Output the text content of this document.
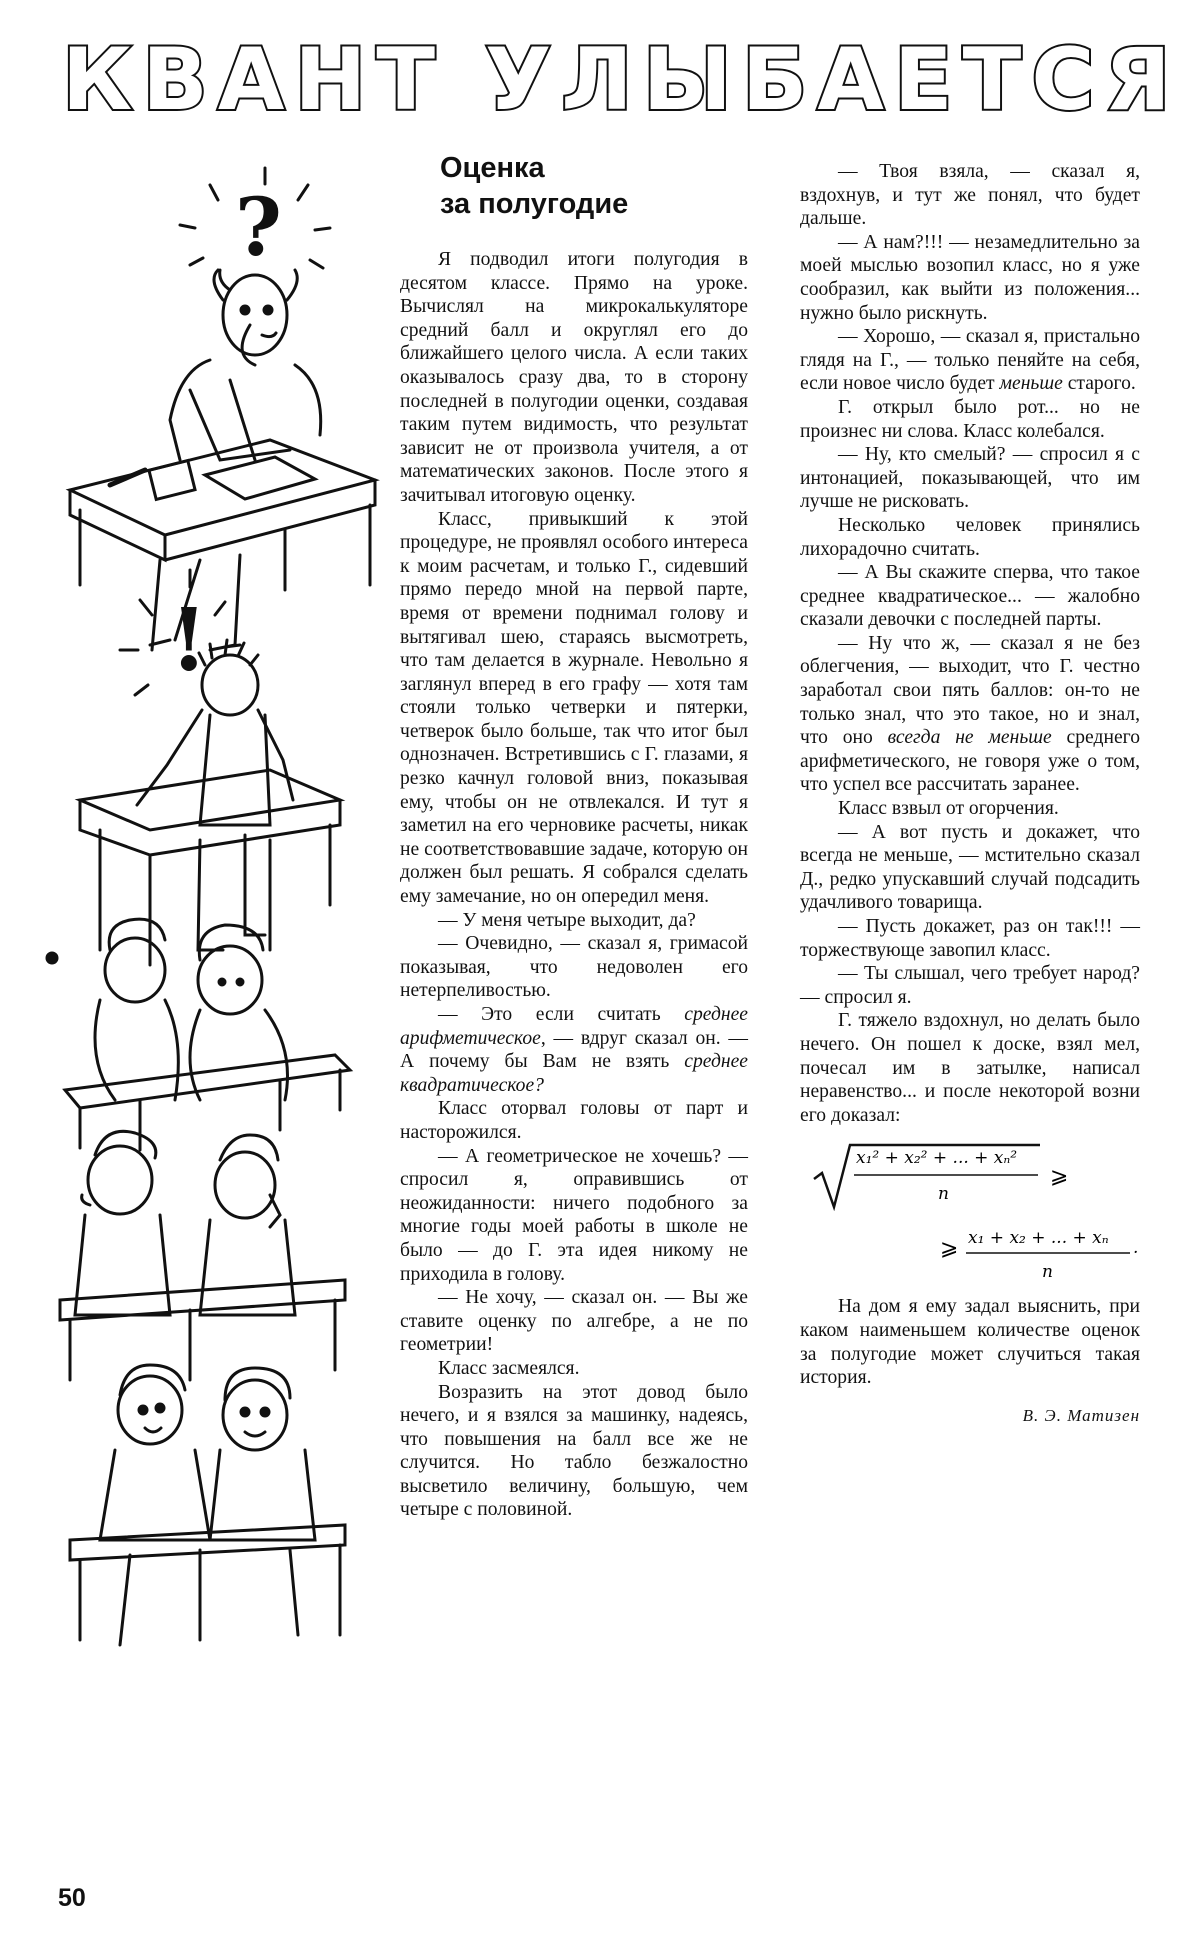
КВАНТ УЛЫБАЕТСЯ
?
!
Оценка
за полугодие

Я подводил итоги полугодия в десятом классе. Прямо на уроке. Вычислял на микрокалькуляторе средний балл и округлял его до ближайшего целого числа. А если таких оказывалось сразу два, то в сторону последней в полугодии оценки, создавая таким путем видимость, что результат зависит не от произвола учителя, а от математических законов. После этого я зачитывал итоговую оценку.

Класс, привыкший к этой процедуре, не проявлял особого интереса к моим расчетам, и только Г., сидевший прямо передо мной на первой парте, время от времени поднимал голову и вытягивал шею, стараясь высмотреть, что там делается в журнале. Невольно я заглянул вперед в его графу — хотя там стояли только четверки и пятерки, четверок было больше, так что итог был однозначен. Встретившись с Г. глазами, я резко качнул головой вниз, показывая ему, чтобы он не отвлекался. И тут я заметил на его черновике расчеты, никак не соответствовавшие задаче, которую он должен был решать. Я собрался сделать ему замечание, но он опередил меня.

— У меня четыре выходит, да?

— Очевидно, — сказал я, гримасой показывая, что недоволен его нетерпеливостью.

— Это если считать среднее арифметическое, — вдруг сказал он. — А почему бы Вам не взять среднее квадратическое?

Класс оторвал головы от парт и насторожился.

— А геометрическое не хочешь? — спросил я, оправившись от неожиданности: ничего подобного за многие годы моей работы в школе не было — до Г. эта идея никому не приходила в голову.

— Не хочу, — сказал он. — Вы же ставите оценку по алгебре, а не по геометрии!

Класс засмеялся.

Возразить на этот довод было нечего, и я взялся за машинку, надеясь, что повышения на балл все же не случится. Но табло безжалостно высветило величину, большую, чем четыре с половиной.

— Твоя взяла, — сказал я, вздохнув, и тут же понял, что будет дальше.

— А нам?!!! — незамедлительно за моей мыслью возопил класс, но я уже сообразил, как выйти из положения... нужно было рискнуть.

— Хорошо, — сказал я, пристально глядя на Г., — только пеняйте на себя, если новое число будет меньше старого.

Г. открыл было рот... но не произнес ни слова. Класс колебался.

— Ну, кто смелый? — спросил я с интонацией, показывающей, что им лучше не рисковать.

Несколько человек принялись лихорадочно считать.

— А Вы скажите сперва, что такое среднее квадратическое... — жалобно сказали девочки с последней парты.

— Ну что ж, — сказал я не без облегчения, — выходит, что Г. честно заработал свои пять баллов: он-то не только знал, что это такое, но и знал, что оно всегда не меньше среднего арифметического, не говоря уже о том, что успел все рассчитать заранее.

Класс взвыл от огорчения.

— А вот пусть и докажет, что всегда не меньше, — мстительно сказал Д., редко упускавший случай подсадить удачливого товарища.

— Пусть докажет, раз он так!!! — торжествующе завопил класс.

— Ты слышал, чего требует народ? — спросил я.

Г. тяжело вздохнул, но делать было нечего. Он пошел к доске, взял мел, почесал им в затылке, написал неравенство... и после некоторой возни его доказал:

x₁² + x₂² + ... + xₙ²
n
⩾
⩾ x₁ + x₂ + ... + xₙ
n
.

На дом я ему задал выяснить, при каком наименьшем количестве оценок за полугодие может случиться такая история.

В. Э. Матизен
50
